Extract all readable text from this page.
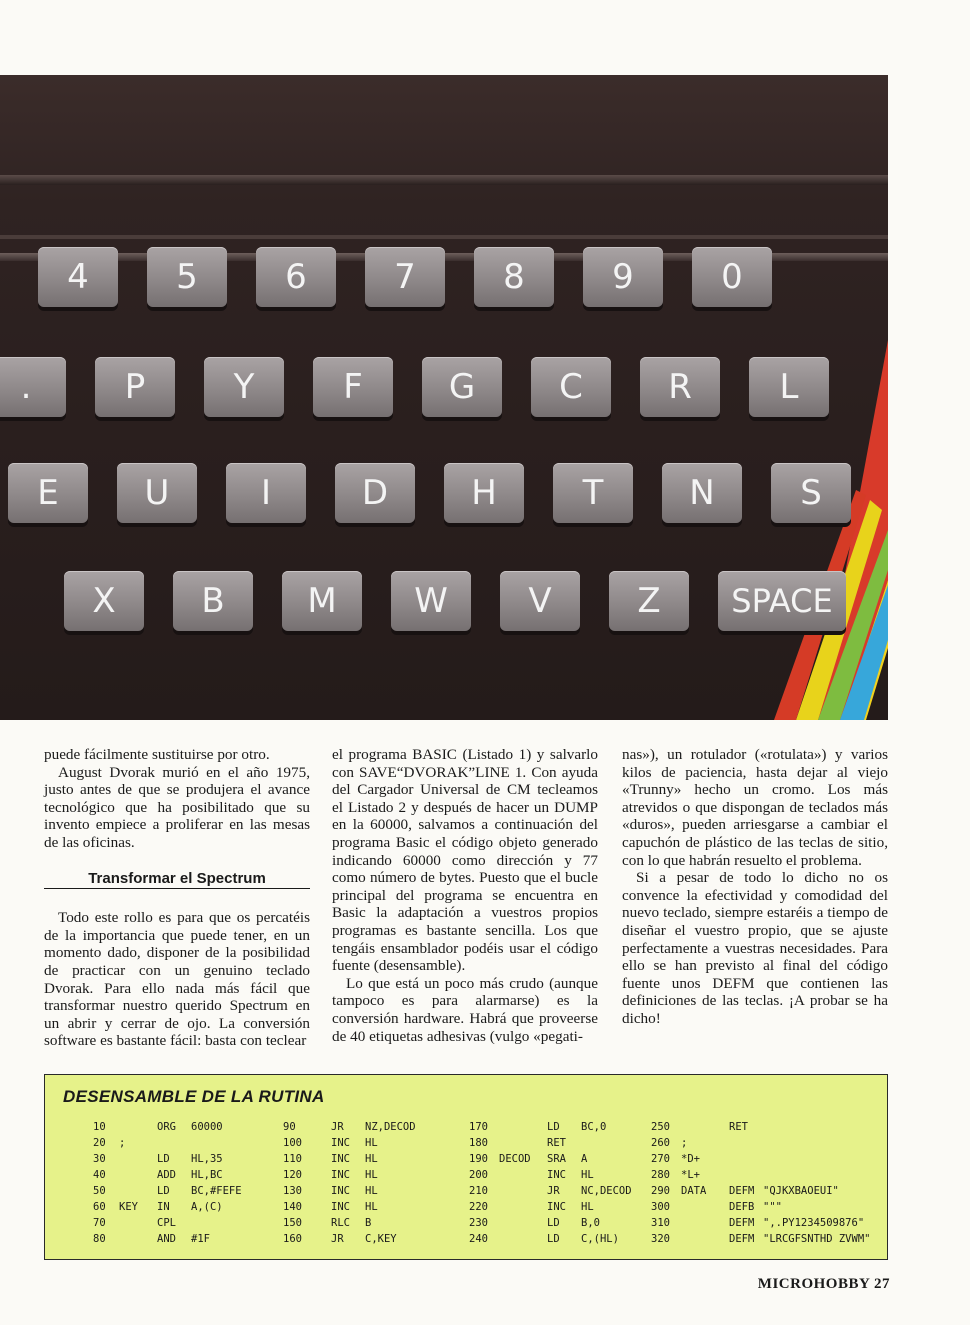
4	5	6	7	8	9	0
.	P	Y	F	G	C	R	L
E	U	I	D	H	T	N	S
X	B	M	W	V	Z	SPACE

puede fácilmente sustituirse por otro.

August Dvorak murió en el año 1975, justo antes de que se produjera el avance tecnológico que ha posibilitado que su invento empiece a proliferar en las mesas de las oficinas.

Transformar el Spectrum

Todo este rollo es para que os percatéis de la importancia que puede tener, en un momento dado, disponer de la posibilidad de practicar con un genuino teclado Dvorak. Para ello nada más fácil que transformar nuestro querido Spectrum en un abrir y cerrar de ojo. La conversión software es bastante fácil: basta con teclear

el programa BASIC (Listado 1) y salvarlo con SAVE“DVORAK”LINE 1. Con ayuda del Cargador Universal de CM tecleamos el Listado 2 y después de hacer un DUMP en la 60000, salvamos a continuación del programa Basic el código objeto generado indicando 60000 como dirección y 77 como número de bytes. Puesto que el bucle principal del programa se encuentra en Basic la adaptación a vuestros propios programas es bastante sencilla. Los que tengáis ensamblador podéis usar el código fuente (desensamble).

Lo que está un poco más crudo (aunque tampoco es para alarmarse) es la conversión hardware. Habrá que proveerse de 40 etiquetas adhesivas (vulgo «pegati-

nas»), un rotulador («rotulata») y varios kilos de paciencia, hasta dejar al viejo «Trunny» hecho un cromo. Los más atrevidos o que dispongan de teclados más «duros», pueden arriesgarse a cambiar el capuchón de plástico de las teclas de sitio, con lo que habrán resuelto el problema.

Si a pesar de todo lo dicho no os convence la efectividad y comodidad del nuevo teclado, siempre estaréis a tiempo de diseñar el vuestro propio, que se ajuste perfectamente a vuestras necesidades. Para ello se han previsto al final del código fuente unos DEFM que contienen las definiciones de las teclas. ¡A probar se ha dicho!

DESENSAMBLE DE LA RUTINA
10	ORG 60000
20 ;
30	LD HL,35
40	ADD HL,BC
50	LD BC,#FEFE
60 KEY IN A,(C)
70	CPL
80	AND #1F
90	JR NZ,DECOD
100	INC HL
110	INC HL
120	INC HL
130	INC HL
140	INC HL
150	RLC B
160	JR C,KEY
170	LD BC,0
180	RET
190 DECOD SRA A
200	INC HL
210	JR NC,DECOD
220	INC HL
230	LD B,0
240	LD C,(HL)
250	RET
260 ;
270 *D+
280 *L+
290 DATA DEFM "QJKXBAOEUI"
300	DEFB """
310	DEFM ",.PY1234509876"
320	DEFM "LRCGFSNTHD ZVWM"
MICROHOBBY 27
